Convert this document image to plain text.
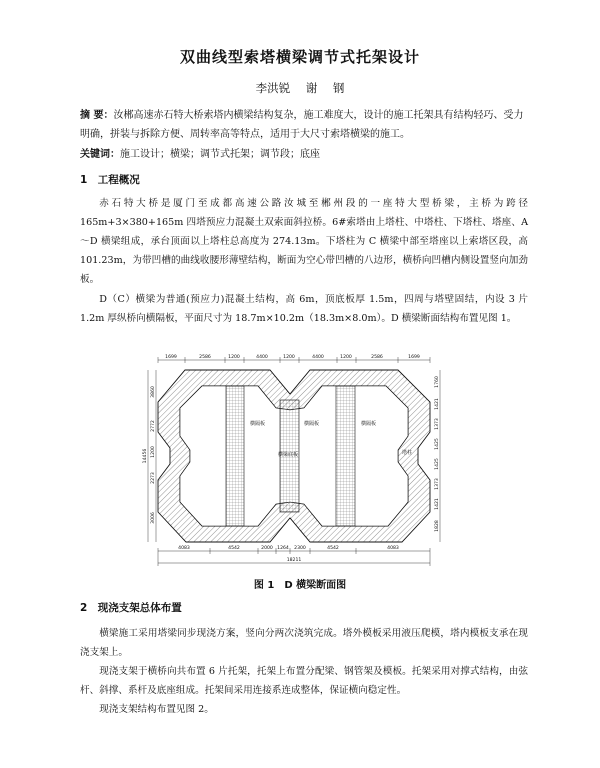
双曲线型索塔横梁调节式托架设计
李洪锐 谢 钢
摘 要：汝郴高速赤石特大桥索塔内横梁结构复杂，施工难度大，设计的施工托架具有结构轻巧、受力明确，拼装与拆除方便、周转率高等特点，适用于大尺寸索塔横梁的施工。
关键词：施工设计；横梁；调节式托架；调节段；底座
1　工程概况
赤石特大桥是厦门至成都高速公路汝城至郴州段的一座特大型桥梁，主桥为跨径 165m+3×380+165m 四塔预应力混凝土双索面斜拉桥。6#索塔由上塔柱、中塔柱、下塔柱、塔座、A～D 横梁组成，承台顶面以上塔柱总高度为 274.13m。下塔柱为 C 横梁中部至塔座以上索塔区段，高 101.23m，为带凹槽的曲线收腰形薄壁结构，断面为空心带凹槽的八边形，横桥向凹槽内侧设置竖向加劲板。
D（C）横梁为普通(预应力)混凝土结构，高 6m，顶底板厚 1.5m，四周与塔壁固结，内设 3 片 1.2m 厚纵桥向横隔板，平面尺寸为 18.7m×10.2m（18.3m×8.0m）。D 横梁断面结构布置见图 1。
1699	2586	1200	4400	1200	4400	1200	2586	1699
14456
3860
2772
1200
2273
3006
1760
1421
1373
1425
1425
1373
1421
1828
横隔板	横隔板	横隔板
横梁底板	塔柱
4083	4542	2000 1264 2300	4542	4083
18211
图 1　D 横梁断面图
2　现浇支架总体布置
横梁施工采用塔梁同步现浇方案，竖向分两次浇筑完成。塔外模板采用液压爬模，塔内模板支承在现浇支架上。
现浇支架于横桥向共布置 6 片托架，托架上布置分配梁、钢管架及模板。托架采用对撑式结构，由弦杆、斜撑、系杆及底座组成。托架间采用连接系连成整体，保证横向稳定性。
现浇支架结构布置见图 2。
